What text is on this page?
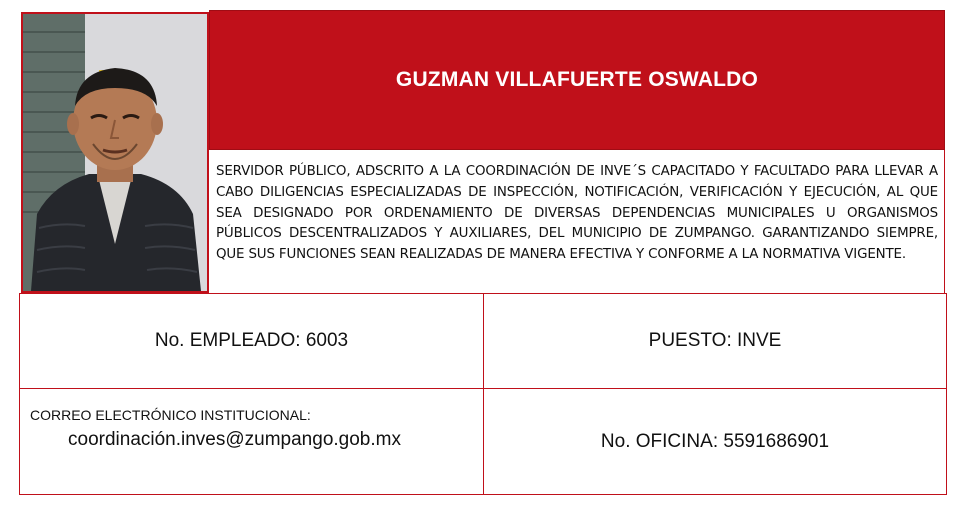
GUZMAN VILLAFUERTE OSWALDO
SERVIDOR PÚBLICO, ADSCRITO A LA COORDINACIÓN DE INVE´S CAPACITADO Y FACULTADO PARA LLEVAR A CABO DILIGENCIAS ESPECIALIZADAS DE INSPECCIÓN, NOTIFICACIÓN, VERIFICACIÓN Y EJECUCIÓN, AL QUE SEA DESIGNADO POR ORDENAMIENTO DE DIVERSAS DEPENDENCIAS MUNICIPALES U ORGANISMOS PÚBLICOS DESCENTRALIZADOS Y AUXILIARES, DEL MUNICIPIO DE ZUMPANGO. GARANTIZANDO SIEMPRE, QUE SUS FUNCIONES SEAN REALIZADAS DE MANERA EFECTIVA Y CONFORME A LA NORMATIVA VIGENTE.
No. EMPLEADO: 6003	PUESTO: INVE
CORREO ELECTRÓNICO INSTITUCIONAL:
coordinación.inves@zumpango.gob.mx	No. OFICINA: 5591686901
